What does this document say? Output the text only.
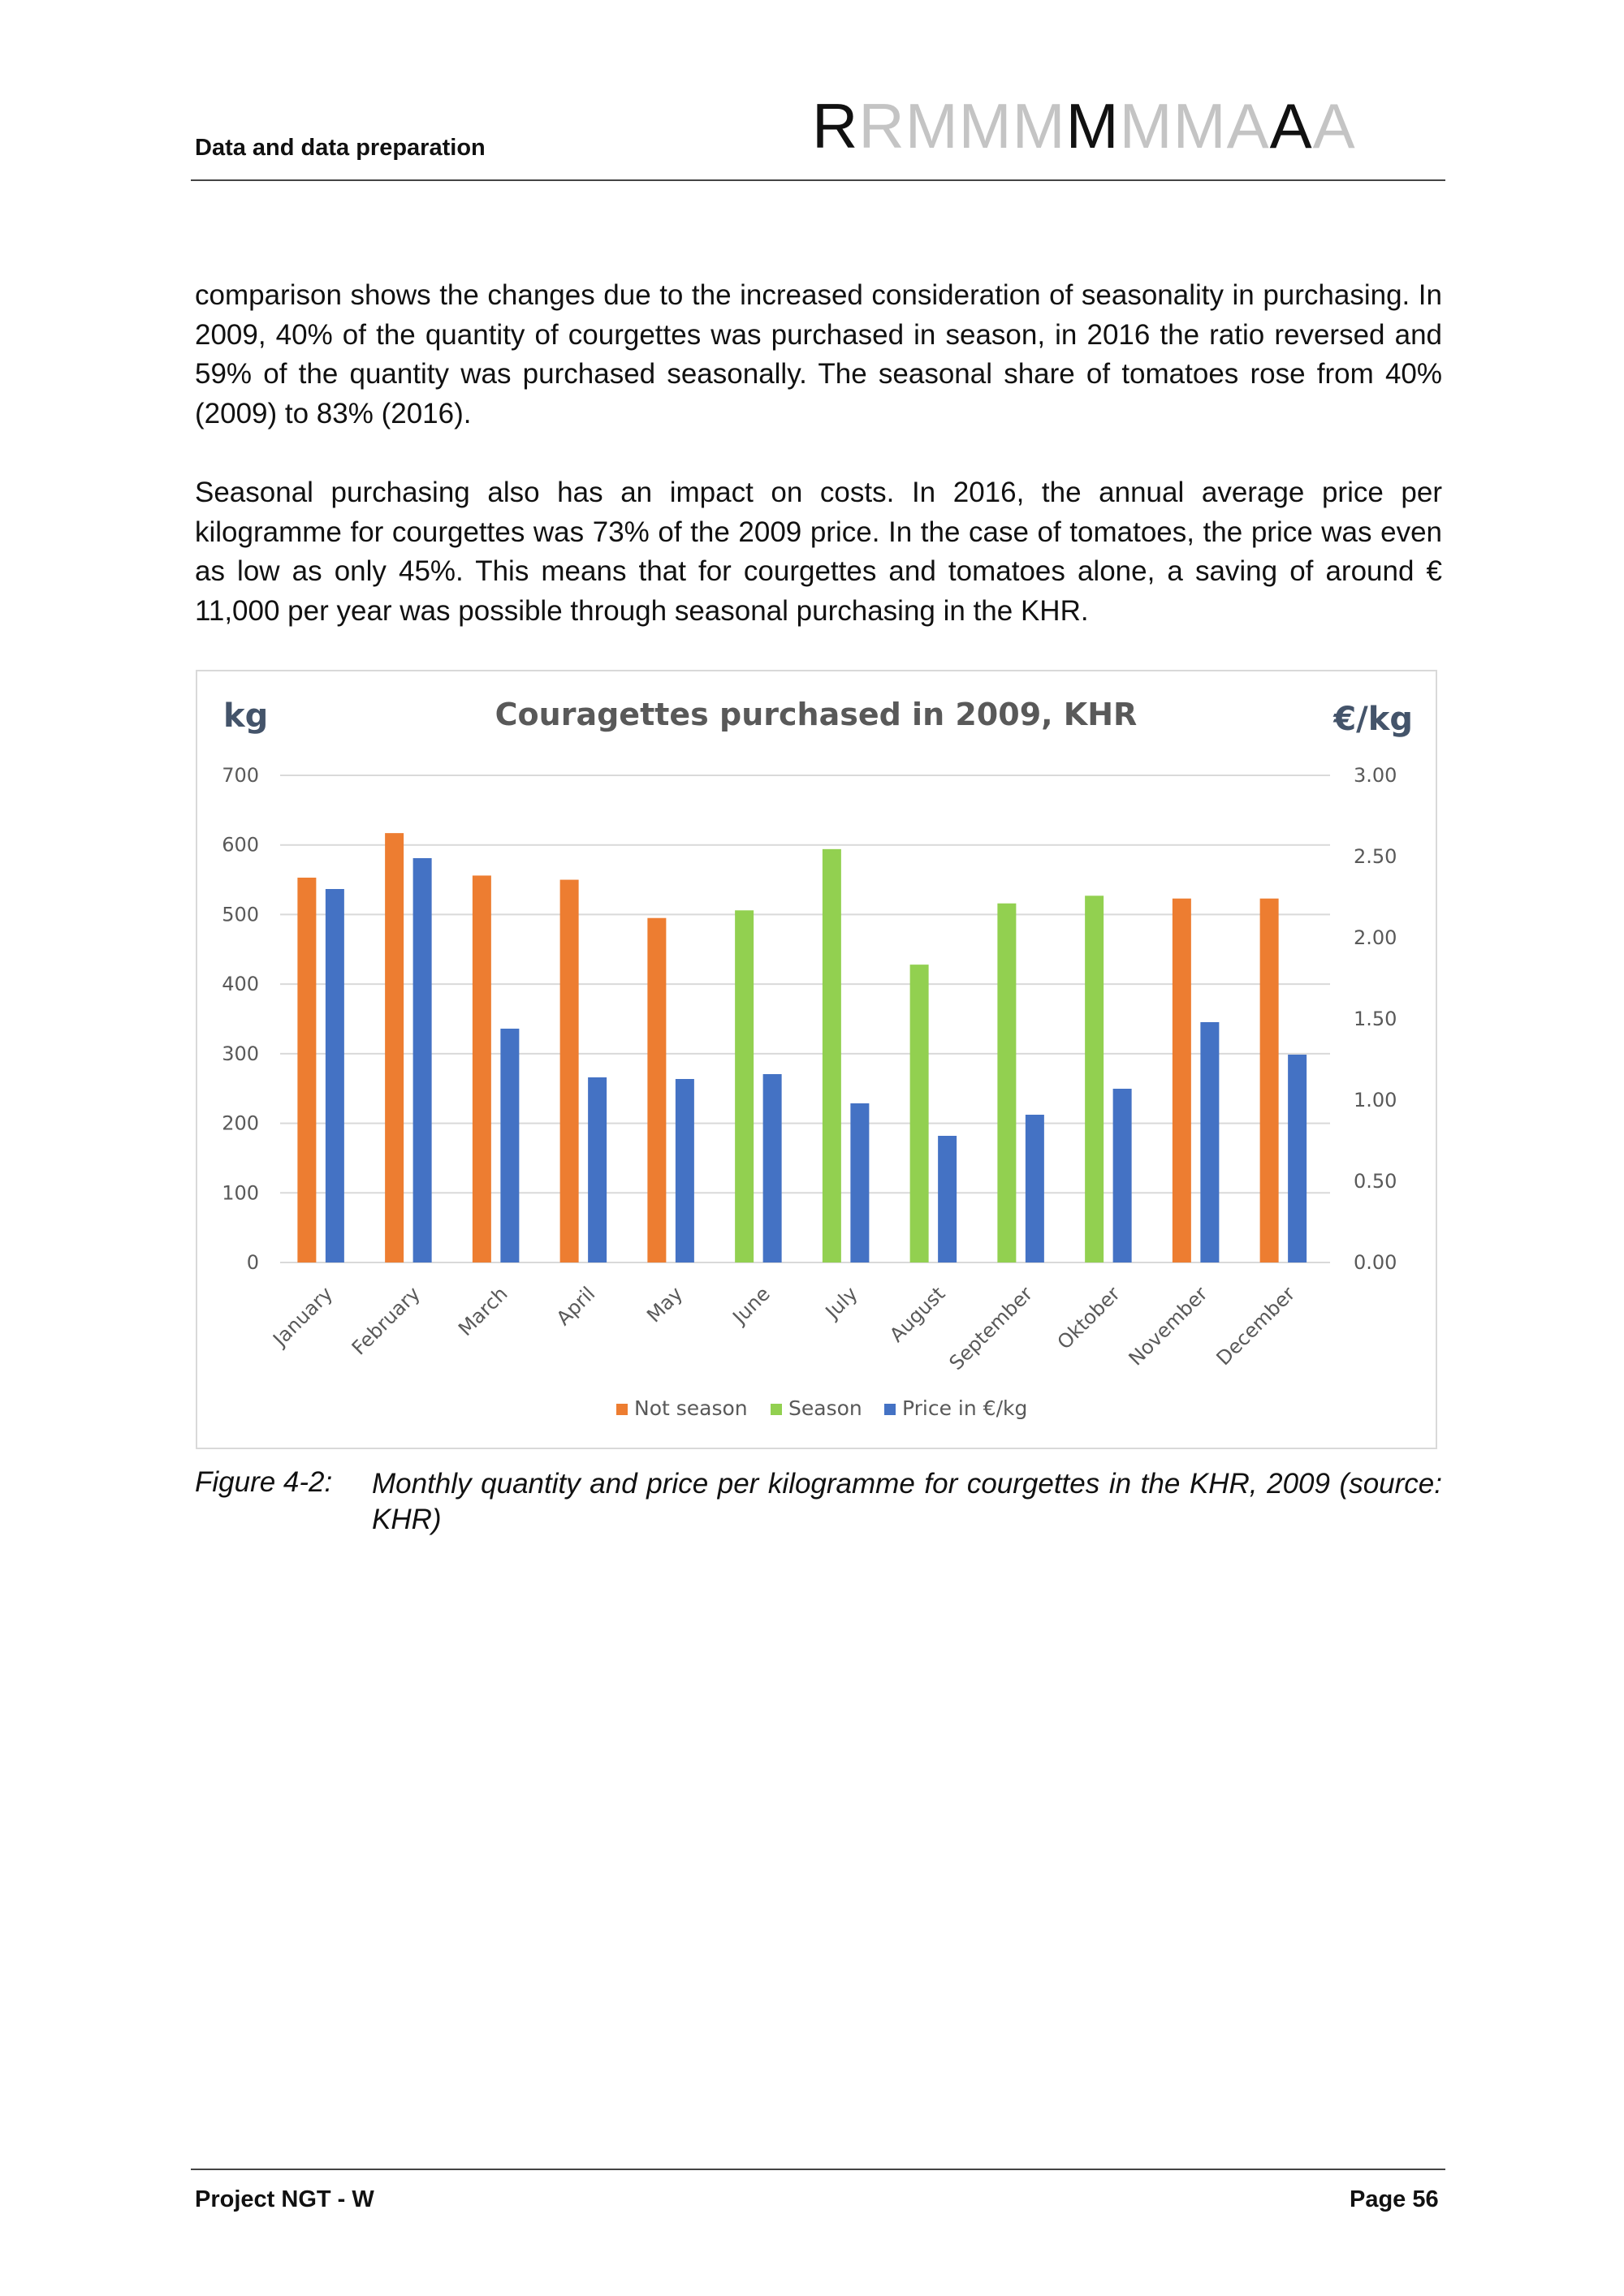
Data and data preparation	RRMMMMMMAAA

comparison shows the changes due to the increased consideration of seasonality in purchasing. In 2009, 40% of the quantity of courgettes was purchased in season, in 2016 the ratio reversed and 59% of the quantity was purchased seasonally. The seasonal share of tomatoes rose from 40% (2009) to 83% (2016).

Seasonal purchasing also has an impact on costs. In 2016, the annual average price per kilogramme for courgettes was 73% of the 2009 price. In the case of tomatoes, the price was even as low as only 45%. This means that for courgettes and tomatoes alone, a saving of around € 11,000 per year was possible through seasonal purchasing in the KHR.

0
100
200
300
400
500
600
700
0.00
0.50
1.00
1.50
2.00
2.50
3.00
Couragettes purchased in 2009, KHR
kg	€/kg
January February March April May June July August
September Oktober November December
Not season Season Price in €/kg
Figure 4-2: Monthly quantity and price per kilogramme for courgettes in the KHR, 2009 (source: KHR)

Project NGT - W	Page 56
